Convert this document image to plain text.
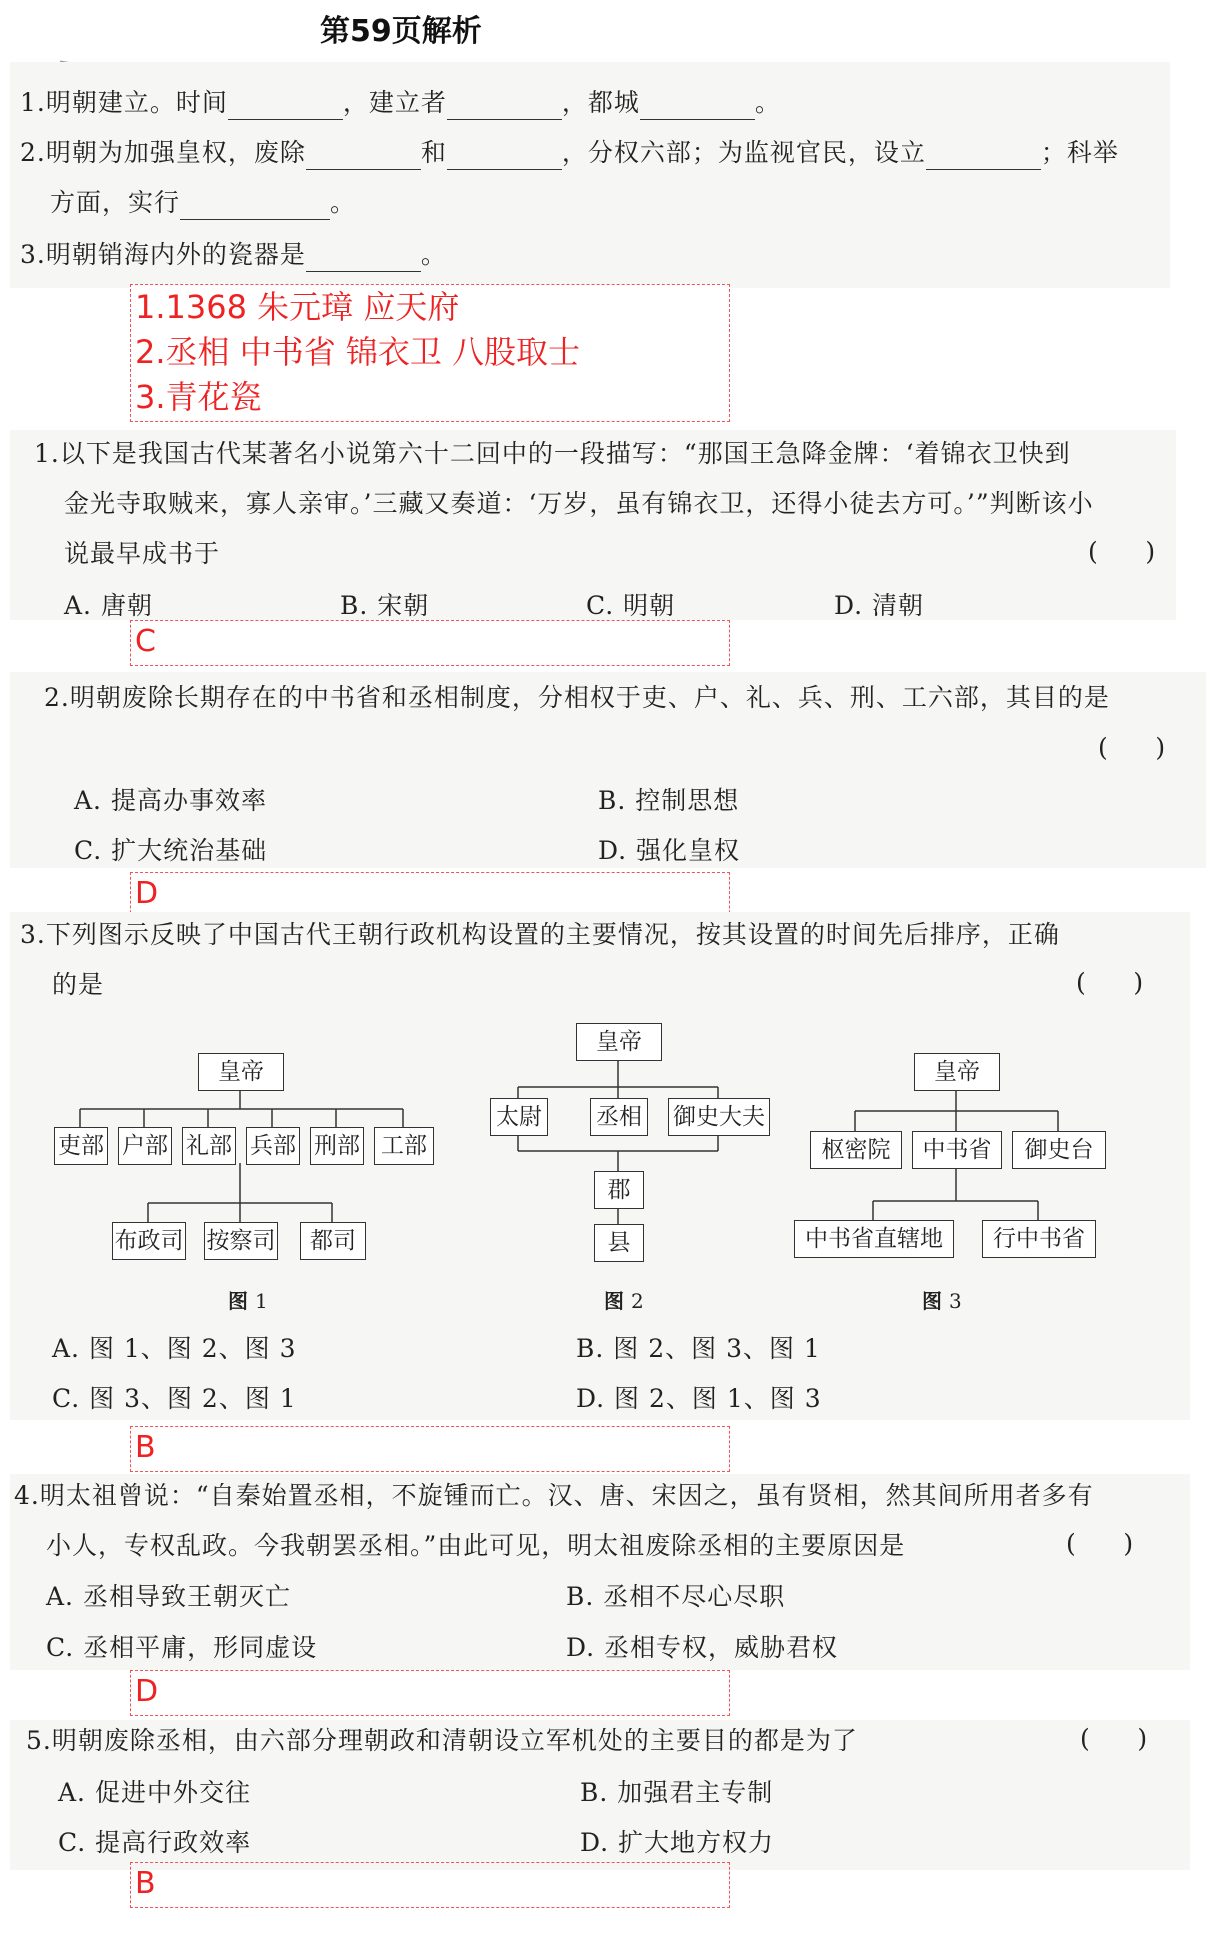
第59页解析
1.明朝建立。时间	，建立者	，都城	。
2.明朝为加强皇权，废除	和	，分权六部；为监视官民，设立	；科举
方面，实行	。
3.明朝销海内外的瓷器是	。
1.1368 朱元璋 应天府
2.丞相 中书省 锦衣卫 八股取士
3.青花瓷
1.以下是我国古代某著名小说第六十二回中的一段描写：“那国王急降金牌：‘着锦衣卫快到
金光寺取贼来，寡人亲审。’三藏又奏道：‘万岁，虽有锦衣卫，还得小徒去方可。’”判断该小
说最早成书于	(      )
A. 唐朝	B. 宋朝	C. 明朝	D. 清朝
C
2.明朝废除长期存在的中书省和丞相制度，分相权于吏、户、礼、兵、刑、工六部，其目的是
(      )
A. 提高办事效率	B. 控制思想
C. 扩大统治基础	D. 强化皇权
D
3.下列图示反映了中国古代王朝行政机构设置的主要情况，按其设置的时间先后排序，正确
的是	(      )
皇帝
吏部 户部 礼部 兵部 刑部 工部
布政司 按察司	都司
图 1
皇帝
太尉 丞相 御史大夫
郡
县
图 2
皇帝
枢密院	中书省	御史台
中书省直辖地	行中书省
图 3
A. 图 1、图 2、图 3	B. 图 2、图 3、图 1
C. 图 3、图 2、图 1	D. 图 2、图 1、图 3
B
4.明太祖曾说：“自秦始置丞相，不旋锺而亡。汉、唐、宋因之，虽有贤相，然其间所用者多有
小人，专权乱政。今我朝罢丞相。”由此可见，明太祖废除丞相的主要原因是	(      )
A. 丞相导致王朝灭亡	B. 丞相不尽心尽职
C. 丞相平庸，形同虚设	D. 丞相专权，威胁君权
D
5.明朝废除丞相，由六部分理朝政和清朝设立军机处的主要目的都是为了	(      )
A. 促进中外交往	B. 加强君主专制
C. 提高行政效率	D. 扩大地方权力
B
